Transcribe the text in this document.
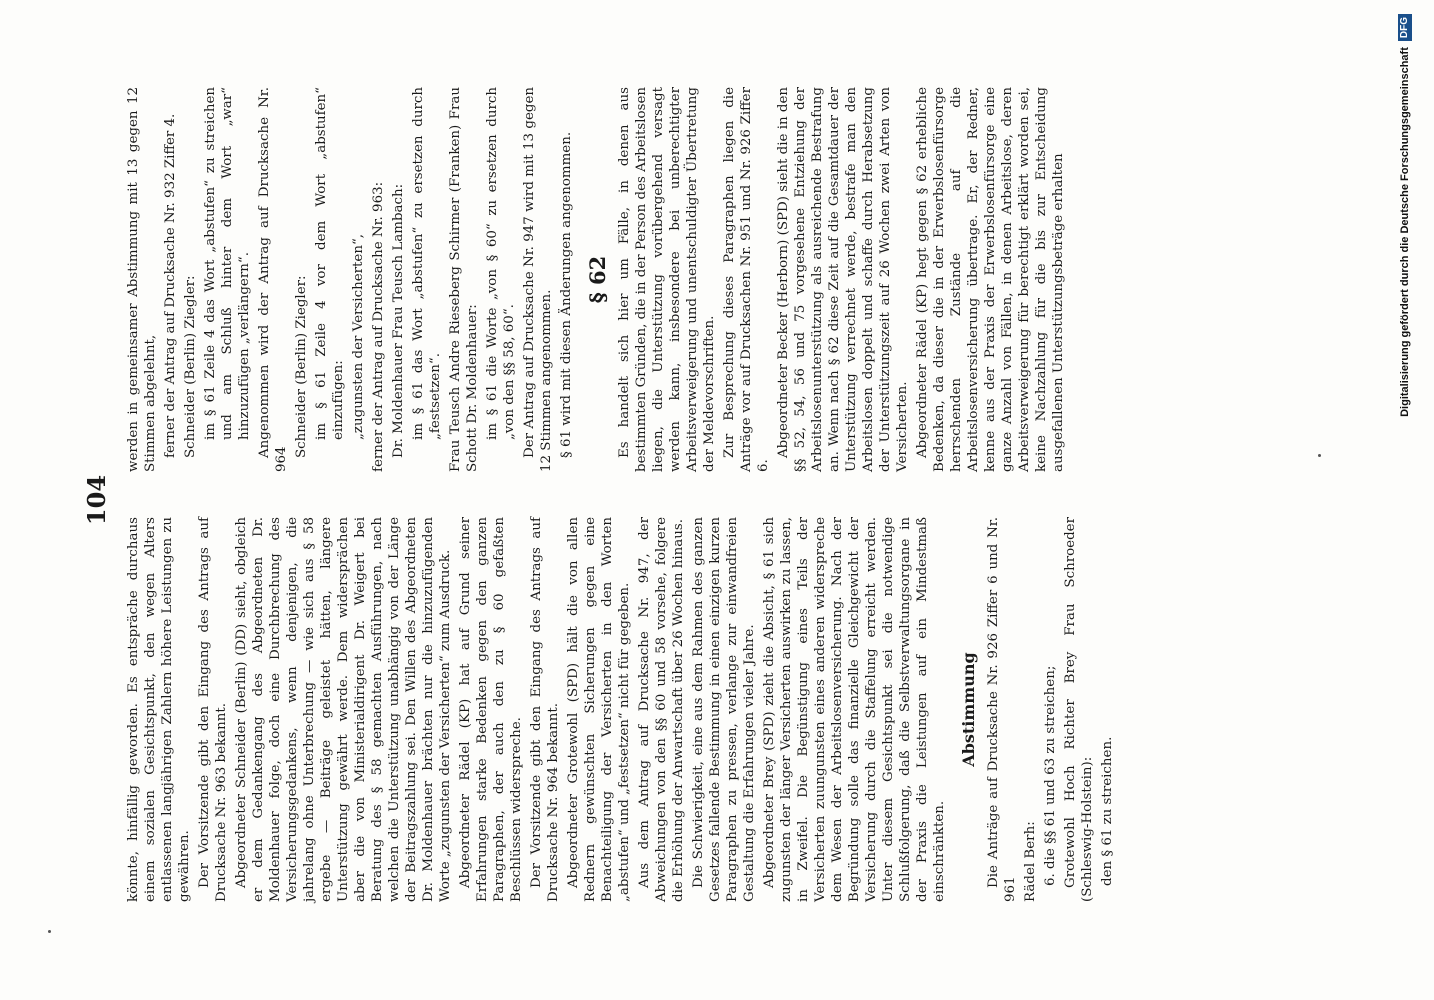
104
könnte, hinfällig geworden. Es entspräche durchaus einem sozialen Gesichtspunkt, den wegen Alters entlassenen langjährigen Zahlern höhere Leistungen zu gewähren. Der Vorsitzende gibt den Eingang des Antrags auf Drucksache Nr. 963 bekannt. Abgeordneter Schneider (Berlin) (DD) sieht, obgleich er dem Gedankengang des Abgeordneten Dr. Moldenhauer folge, doch eine Durchbrechung des Versicherungsgedankens, wenn denjenigen, die jahrelang ohne Unterbrechung — wie sich aus § 58 ergebe — Beiträge geleistet hätten, längere Unterstützung gewährt werde. Dem widersprächen aber die von Ministerialdirigent Dr. Weigert bei Beratung des § 58 gemachten Ausführungen, nach welchen die Unterstützung unabhängig von der Länge der Beitragszahlung sei. Den Willen des Abgeordneten Dr. Moldenhauer brächten nur die hinzuzufügenden Worte „zugunsten der Versicherten“ zum Ausdruck. Abgeordneter Rädel (KP) hat auf Grund seiner Erfahrungen starke Bedenken gegen den ganzen Paragraphen, der auch den zu § 60 gefaßten Beschlüssen widerspreche. Der Vorsitzende gibt den Eingang des Antrags auf Drucksache Nr. 964 bekannt. Abgeordneter Grotewohl (SPD) hält die von allen Rednern gewünschten Sicherungen gegen eine Benachteiligung der Versicherten in den Worten „abstufen“ und „festsetzen“ nicht für gegeben. Aus dem Antrag auf Drucksache Nr. 947, der Abweichungen von den §§ 60 und 58 vorsehe, folgere die Erhöhung der Anwartschaft über 26 Wochen hinaus. Die Schwierigkeit, eine aus dem Rahmen des ganzen Gesetzes fallende Bestimmung in einen einzigen kurzen Paragraphen zu pressen, verlange zur einwandfreien Gestaltung die Erfahrungen vieler Jahre. Abgeordneter Brey (SPD) zieht die Absicht, § 61 sich zugunsten der länger Versicherten auswirken zu lassen, in Zweifel. Die Begünstigung eines Teils der Versicherten zuungunsten eines anderen widerspreche dem Wesen der Arbeitslosenversicherung. Nach der Begründung solle das finanzielle Gleichgewicht der Versicherung durch die Staffelung erreicht werden. Unter diesem Gesichtspunkt sei die notwendige Schlußfolgerung, daß die Selbstverwaltungsorgane in der Praxis die Leistungen auf ein Mindestmaß einschränkten.
Abstimmung Die Anträge auf Drucksache Nr. 926 Ziffer 6 und Nr. 961 Rädel Berh: 6. die §§ 61 und 63 zu streichen; Grotewohl Hoch Richter Brey Frau Schroeder (Schleswig-Holstein): den § 61 zu streichen.
werden in gemeinsamer Abstimmung mit 13 gegen 12 Stimmen abgelehnt, ferner der Antrag auf Drucksache Nr. 932 Ziffer 4. Schneider (Berlin) Ziegler: im § 61 Zeile 4 das Wort „abstufen“ zu streichen und am Schluß hinter dem Wort „war“ hinzuzufügen „verlängern“. Angenommen wird der Antrag auf Drucksache Nr. 964
Schneider (Berlin) Ziegler: im § 61 Zeile 4 vor dem Wort „abstufen“ einzufügen: „zugunsten der Versicherten“, ferner der Antrag auf Drucksache Nr. 963: Dr. Moldenhauer Frau Teusch Lambach: im § 61 das Wort „abstufen“ zu ersetzen durch „festsetzen“. Frau Teusch Andre Rieseberg Schirmer (Franken) Frau Schott Dr. Moldenhauer: im § 61 die Worte „von § 60“ zu ersetzen durch „von den §§ 58, 60“. Der Antrag auf Drucksache Nr. 947 wird mit 13 gegen 12 Stimmen angenommen. § 61 wird mit diesen Änderungen angenommen. § 62 Es handelt sich hier um Fälle, in denen aus bestimmten Gründen, die in der Person des Arbeitslosen liegen, die Unterstützung vorübergehend versagt werden kann, insbesondere bei unberechtigter Arbeitsverweigerung und unentschuldigter Übertretung der Meldevorschriften. Zur Besprechung dieses Paragraphen liegen die Anträge vor auf Drucksachen Nr. 951 und Nr. 926 Ziffer 6.
Abgeordneter Becker (Herborn) (SPD) sieht die in den §§ 52, 54, 56 und 75 vorgesehene Entziehung der Arbeitslosenunterstützung als ausreichende Bestrafung an. Wenn nach § 62 diese Zeit auf die Gesamtdauer der Unterstützung verrechnet werde, bestrafe man den Arbeitslosen doppelt und schaffe durch Herabsetzung der Unterstützungszeit auf 26 Wochen zwei Arten von Versicherten. Abgeordneter Rädel (KP) hegt gegen § 62 erhebliche Bedenken, da dieser die in der Erwerbslosenfürsorge herrschenden Zustände auf die Arbeitslosenversicherung übertrage. Er, der Redner, kenne aus der Praxis der Erwerbslosenfürsorge eine ganze Anzahl von Fällen, in denen Arbeitslose, deren Arbeitsverweigerung für berechtigt erklärt worden sei, keine Nachzahlung für die bis zur Entscheidung ausgefallenen Unterstützungsbeträge erhalten	Digitalisierung gefördert durch die Deutsche ForschungsgemeinschaftDFG
